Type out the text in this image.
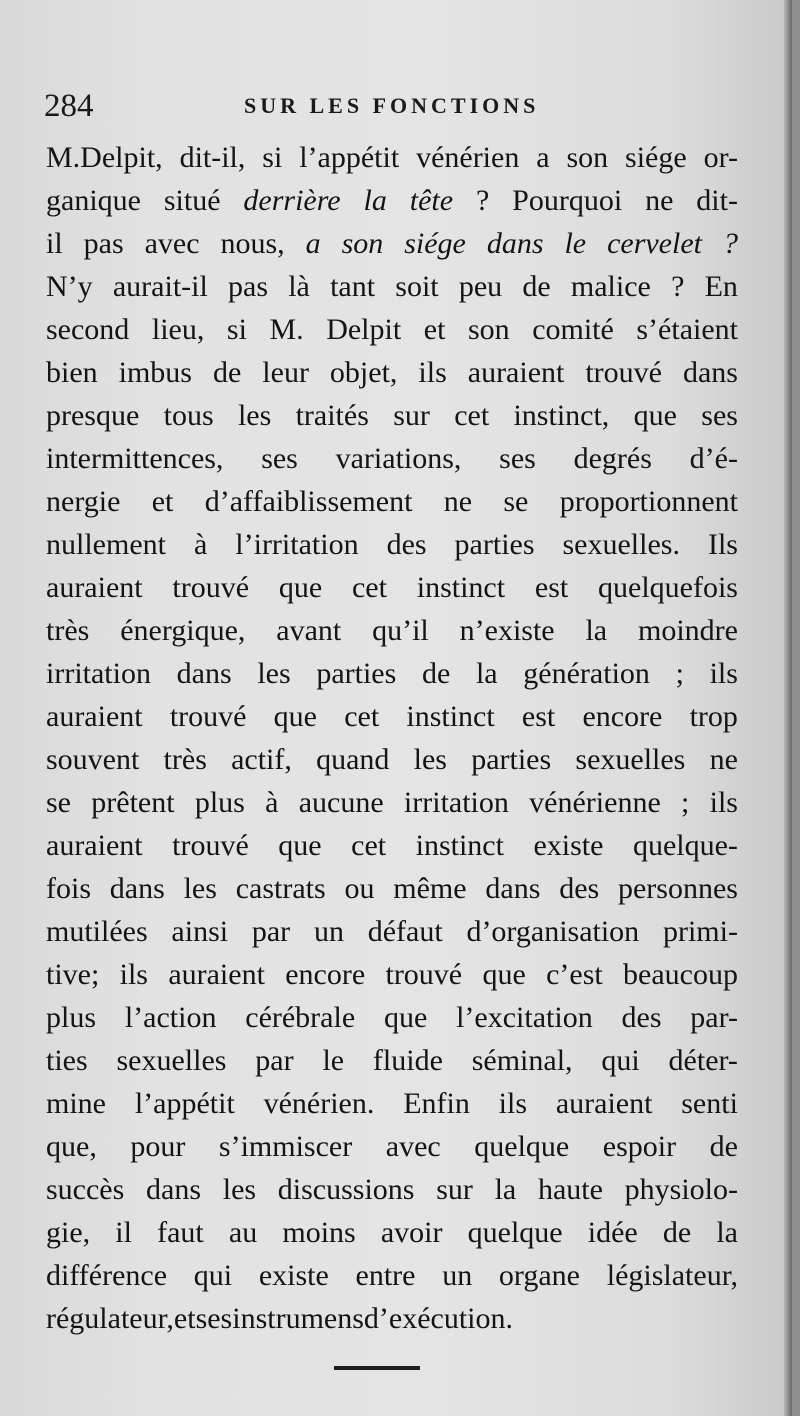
284	SUR LES FONCTIONS
M.Delpit, dit-il, si l’appétit vénérien a son siége or-
ganique situé derrière la tête ? Pourquoi ne dit-
il pas avec nous, a son siége dans le cervelet ?
N’y aurait-il pas là tant soit peu de malice ? En
second lieu, si M. Delpit et son comité s’étaient
bien imbus de leur objet, ils auraient trouvé dans
presque tous les traités sur cet instinct, que ses
intermittences, ses variations, ses degrés d’é-
nergie et d’affaiblissement ne se proportionnent
nullement à l’irritation des parties sexuelles. Ils
auraient trouvé que cet instinct est quelquefois
très énergique, avant qu’il n’existe la moindre
irritation dans les parties de la génération ; ils
auraient trouvé que cet instinct est encore trop
souvent très actif, quand les parties sexuelles ne
se prêtent plus à aucune irritation vénérienne ; ils
auraient trouvé que cet instinct existe quelque-
fois dans les castrats ou même dans des personnes
mutilées ainsi par un défaut d’organisation primi-
tive; ils auraient encore trouvé que c’est beaucoup
plus l’action cérébrale que l’excitation des par-
ties sexuelles par le fluide séminal, qui déter-
mine l’appétit vénérien. Enfin ils auraient senti
que, pour s’immiscer avec quelque espoir de
succès dans les discussions sur la haute physiolo-
gie, il faut au moins avoir quelque idée de la
différence qui existe entre un organe législateur,
régulateur, et ses instrumens d’exécution.
